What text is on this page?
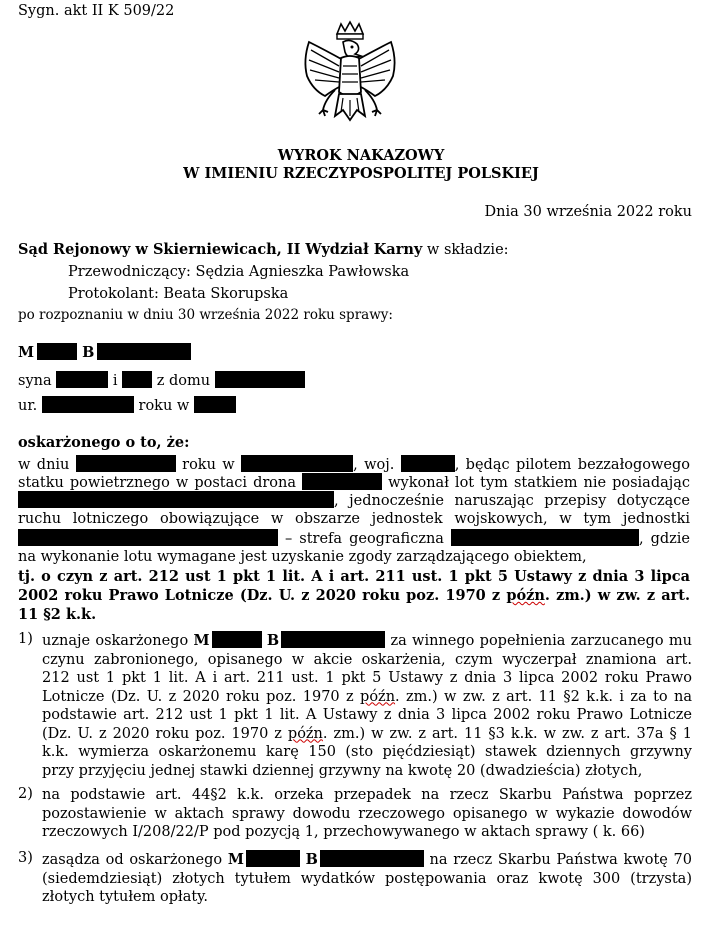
Sygn. akt II K 509/22
WYROK NAKAZOWY
W IMIENIU RZECZYPOSPOLITEJ POLSKIEJ
Dnia 30 września 2022 roku
Sąd Rejonowy w Skierniewicach, II Wydział Karny w składzie:
Przewodniczący: Sędzia Agnieszka Pawłowska
Protokolant: Beata Skorupska
po rozpoznaniu w dniu 30 września 2022 roku sprawy:
M	B
syna	i	z domu
ur.	roku w
oskarżonego o to, że:
w dniu	roku w	, woj.	, będąc pilotem bezzałogowego
statku powietrznego w postaci drona	wykonał lot tym statkiem nie posiadając
, jednocześnie naruszając przepisy dotyczące
ruchu lotniczego obowiązujące w obszarze jednostek wojskowych, w tym jednostki
– strefa geograficzna	, gdzie
na wykonanie lotu wymagane jest uzyskanie zgody zarządzającego obiektem,
tj. o czyn z art. 212 ust 1 pkt 1 lit. A i art. 211 ust. 1 pkt 5 Ustawy z dnia 3 lipca
2002 roku Prawo Lotnicze (Dz. U. z 2020 roku poz. 1970 z późn. zm.) w zw. z art.
11 §2 k.k.
1) uznaje oskarżonego M	B	za winnego popełnienia zarzucanego mu
czynu zabronionego, opisanego w akcie oskarżenia, czym wyczerpał znamiona art.
212 ust 1 pkt 1 lit. A i art. 211 ust. 1 pkt 5 Ustawy z dnia 3 lipca 2002 roku Prawo
Lotnicze (Dz. U. z 2020 roku poz. 1970 z późn. zm.) w zw. z art. 11 §2 k.k. i za to na
podstawie art. 212 ust 1 pkt 1 lit. A Ustawy z dnia 3 lipca 2002 roku Prawo Lotnicze
(Dz. U. z 2020 roku poz. 1970 z późn. zm.) w zw. z art. 11 §3 k.k. w zw. z art. 37a § 1
k.k. wymierza oskarżonemu karę 150 (sto pięćdziesiąt) stawek dziennych grzywny
przy przyjęciu jednej stawki dziennej grzywny na kwotę 20 (dwadzieścia) złotych,
2) na podstawie art. 44§2 k.k. orzeka przepadek na rzecz Skarbu Państwa poprzez
pozostawienie w aktach sprawy dowodu rzeczowego opisanego w wykazie dowodów
rzeczowych I/208/22/P pod pozycją 1, przechowywanego w aktach sprawy ( k. 66)
3) zasądza od oskarżonego M	B	na rzecz Skarbu Państwa kwotę 70
(siedemdziesiąt) złotych tytułem wydatków postępowania oraz kwotę 300 (trzysta)
złotych tytułem opłaty.
